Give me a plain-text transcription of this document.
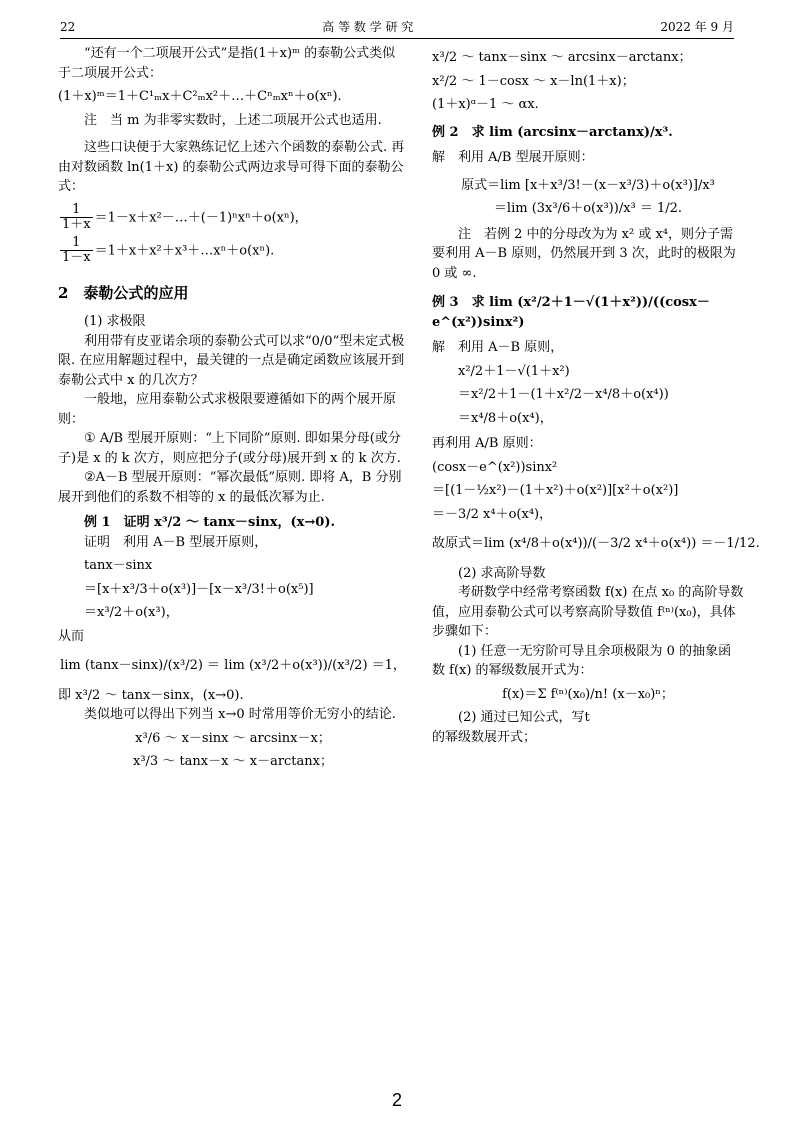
22	高 等 数 学 研 究	2022 年 9 月

“还有一个二项展开公式”是指(1＋x)ᵐ 的泰勒公式类似于二项展开公式：

(1＋x)ᵐ＝1＋C¹ₘx＋C²ₘx²＋…＋Cⁿₘxⁿ＋o(xⁿ).

注　当 m 为非零实数时，上述二项展开公式也适用.

这些口诀便于大家熟练记忆上述六个函数的泰勒公式. 再由对数函数 ln(1＋x) 的泰勒公式两边求导可得下面的泰勒公式：

$\frac{1}{1+x}$ ＝1－x＋x²－…＋(－1)ⁿxⁿ＋o(xⁿ)，

$\frac{1}{1-x}$ ＝1＋x＋x²＋x³＋…xⁿ＋o(xⁿ).

2　泰勒公式的应用

(1) 求极限

利用带有皮亚诺余项的泰勒公式可以求“0/0”型未定式极限. 在应用解题过程中，最关键的一点是确定函数应该展开到泰勒公式中 x 的几次方？

一般地，应用泰勒公式求极限要遵循如下的两个展开原则：

① A/B 型展开原则：“上下同阶”原则. 即如果分母(或分子)是 x 的 k 次方，则应把分子(或分母)展开到 x 的 k 次方.

②A－B 型展开原则：“幂次最低”原则. 即将 A，B 分别展开到他们的系数不相等的 x 的最低次幂为止.

例 1　证明 x³/2 ～ tanx－sinx，(x→0).

证明　利用 A－B 型展开原则，

tanx－sinx

＝[x＋x³/3＋o(x³)]－[x－x³/3!＋o(x⁵)]

＝x³/2＋o(x³)，

从而

lim (tanx－sinx)/(x³/2) ＝ lim (x³/2＋o(x³))/(x³/2) ＝1，

即 x³/2 ～ tanx－sinx，(x→0).

类似地可以得出下列当 x→0 时常用等价无穷小的结论.

x³/6 ～ x－sinx ～ arcsinx－x；

x³/3 ～ tanx－x ～ x－arctanx；

x³/2 ～ tanx－sinx ～ arcsinx－arctanx；

x²/2 ～ 1－cosx ～ x－ln(1＋x)；

(1＋x)ᵅ－1 ～ αx.

例 2　求 lim (arcsinx－arctanx)/x³.

解　利用 A/B 型展开原则：

原式＝lim [x＋x³/3!－(x－x³/3)＋o(x³)]/x³

＝lim (3x³/6＋o(x³))/x³ ＝ 1/2.

注　若例 2 中的分母改为为 x² 或 x⁴，则分子需要利用 A－B 原则，仍然展开到 3 次，此时的极限为 0 或 ∞.

例 3　求 lim (x²/2＋1－√(1＋x²))/((cosx－e^(x²))sinx²)

解　利用 A－B 原则，

x²/2＋1－√(1＋x²)

＝x²/2＋1－(1＋x²/2－x⁴/8＋o(x⁴))

＝x⁴/8＋o(x⁴)，

再利用 A/B 原则：

(cosx－e^(x²))sinx²

＝[(1－½x²)－(1＋x²)＋o(x²)][x²＋o(x²)]

＝－3/2 x⁴＋o(x⁴)，

故原式＝lim (x⁴/8＋o(x⁴))/(－3/2 x⁴＋o(x⁴)) ＝－1/12.

(2) 求高阶导数

考研数学中经常考察函数 f(x) 在点 x₀ 的高阶导数值，应用泰勒公式可以考察高阶导数值 f⁽ⁿ⁾(x₀)，具体步骤如下：

(1) 任意一无穷阶可导且余项极限为 0 的抽象函数 f(x) 的幂级数展开式为：

f(x)＝Σ f⁽ⁿ⁾(x₀)/n! (x－x₀)ⁿ；

(2) 通过已知公式，写t

的幂级数展开式；

2
